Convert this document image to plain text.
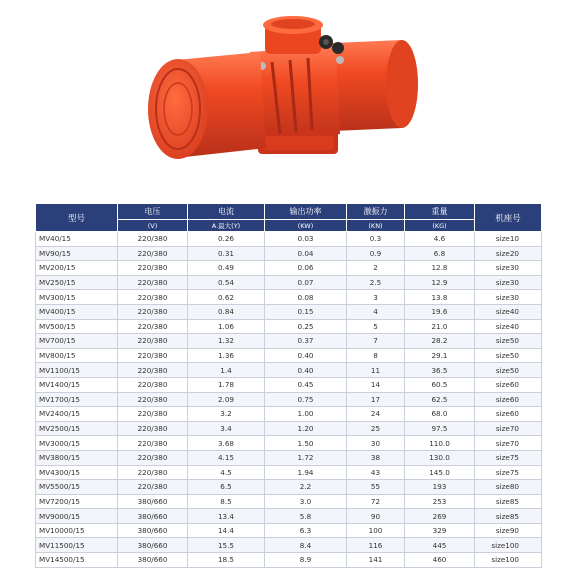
型号	电压	电流	输出功率	激振力	重量	机座号
	(V)	A.最大(Y)	(KW)	(KN)	(KG)	
MV40/15	220/380	0.26	0.03	0.3	4.6	size10
MV90/15	220/380	0.31	0.04	0.9	6.8	size20
MV200/15	220/380	0.49	0.06	2	12.8	size30
MV250/15	220/380	0.54	0.07	2.5	12.9	size30
MV300/15	220/380	0.62	0.08	3	13.8	size30
MV400/15	220/380	0.84	0.15	4	19.6	size40
MV500/15	220/380	1.06	0.25	5	21.0	size40
MV700/15	220/380	1.32	0.37	7	28.2	size50
MV800/15	220/380	1.36	0.40	8	29.1	size50
MV1100/15	220/380	1.4	0.40	11	36.5	size50
MV1400/15	220/380	1.78	0.45	14	60.5	size60
MV1700/15	220/380	2.09	0.75	17	62.5	size60
MV2400/15	220/380	3.2	1.00	24	68.0	size60
MV2500/15	220/380	3.4	1.20	25	97.5	size70
MV3000/15	220/380	3.68	1.50	30	110.0	size70
MV3800/15	220/380	4.15	1.72	38	130.0	size75
MV4300/15	220/380	4.5	1.94	43	145.0	size75
MV5500/15	220/380	6.5	2.2	55	193	size80
MV7200/15	380/660	8.5	3.0	72	253	size85
MV9000/15	380/660	13.4	5.8	90	269	size85
MV10000/15	380/660	14.4	6.3	100	329	size90
MV11500/15	380/660	15.5	8.4	116	445	size100
MV14500/15	380/660	18.5	8.9	141	460	size100
